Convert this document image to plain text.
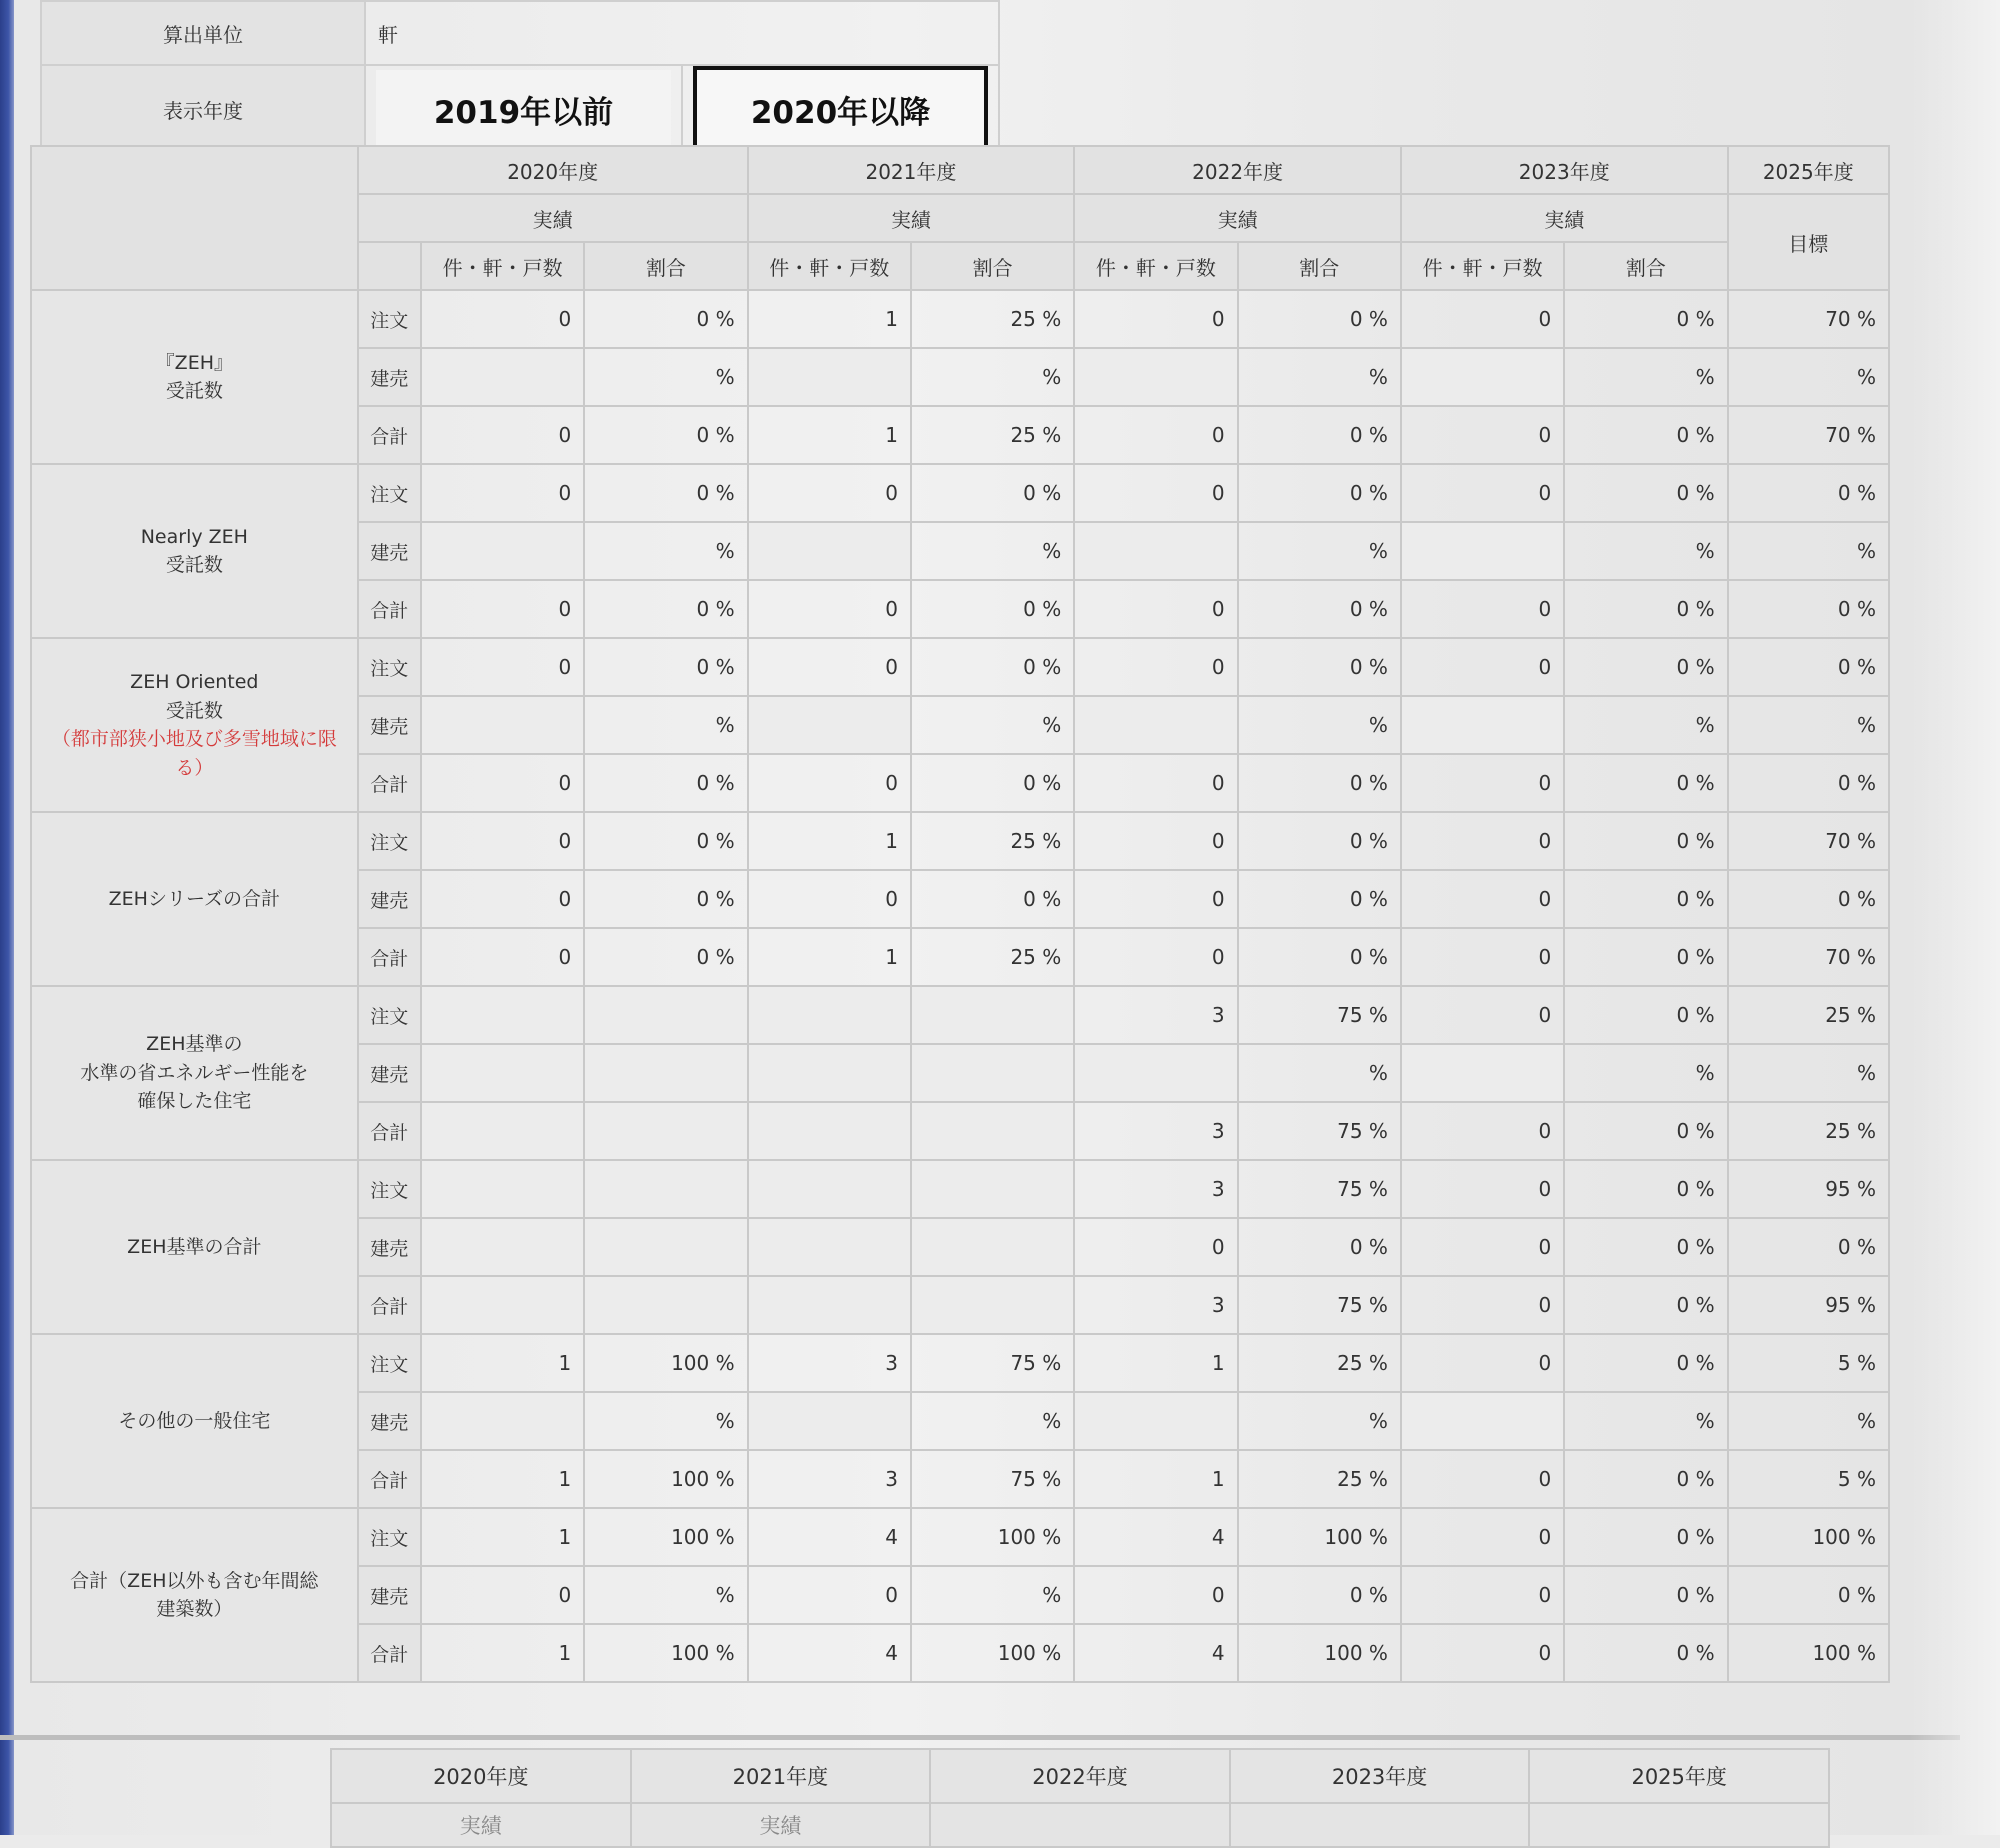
算出単位	軒	
表示年度	2019年以前	2020年以降
	2020年度			2021年度		2022年度		2023年度		2025年度
	実績			実績		実績		実績		目標
		件・軒・戸数	割合	件・軒・戸数	割合	件・軒・戸数	割合	件・軒・戸数	割合	

『ZEH』
受託数	注文	0	0 %	1	25 %	0	0 %	0	0 %	70 %
	建売		%		%		%		%	%
	合計	0	0 %	1	25 %	0	0 %	0	0 %	70 %

Nearly ZEH
受託数	注文	0	0 %	0	0 %	0	0 %	0	0 %	0 %
	建売		%		%		%		%	%
	合計	0	0 %	0	0 %	0	0 %	0	0 %	0 %

ZEH Oriented
受託数
（都市部狭小地及び多雪地域に限る）	注文	0	0 %	0	0 %	0	0 %	0	0 %	0 %
	建売		%		%		%		%	%
	合計	0	0 %	0	0 %	0	0 %	0	0 %	0 %

ZEHシリーズの合計	注文	0	0 %	1	25 %	0	0 %	0	0 %	70 %
	建売	0	0 %	0	0 %	0	0 %	0	0 %	0 %
	合計	0	0 %	1	25 %	0	0 %	0	0 %	70 %

ZEH基準の
水準の省エネルギー性能を
確保した住宅	注文					3	75 %	0	0 %	25 %
	建売						%		%	%
	合計					3	75 %	0	0 %	25 %

ZEH基準の合計	注文					3	75 %	0	0 %	95 %
	建売					0	0 %	0	0 %	0 %
	合計					3	75 %	0	0 %	95 %

その他の一般住宅	注文	1	100 %	3	75 %	1	25 %	0	0 %	5 %
	建売		%		%		%		%	%
	合計	1	100 %	3	75 %	1	25 %	0	0 %	5 %

合計（ZEH以外も含む年間総
建築数）	注文	1	100 %	4	100 %	4	100 %	0	0 %	100 %
	建売	0	%	0	%	0	0 %	0	0 %	0 %
	合計	1	100 %	4	100 %	4	100 %	0	0 %	100 %
2020年度	2021年度	2022年度	2023年度	2025年度
実績	実績			
